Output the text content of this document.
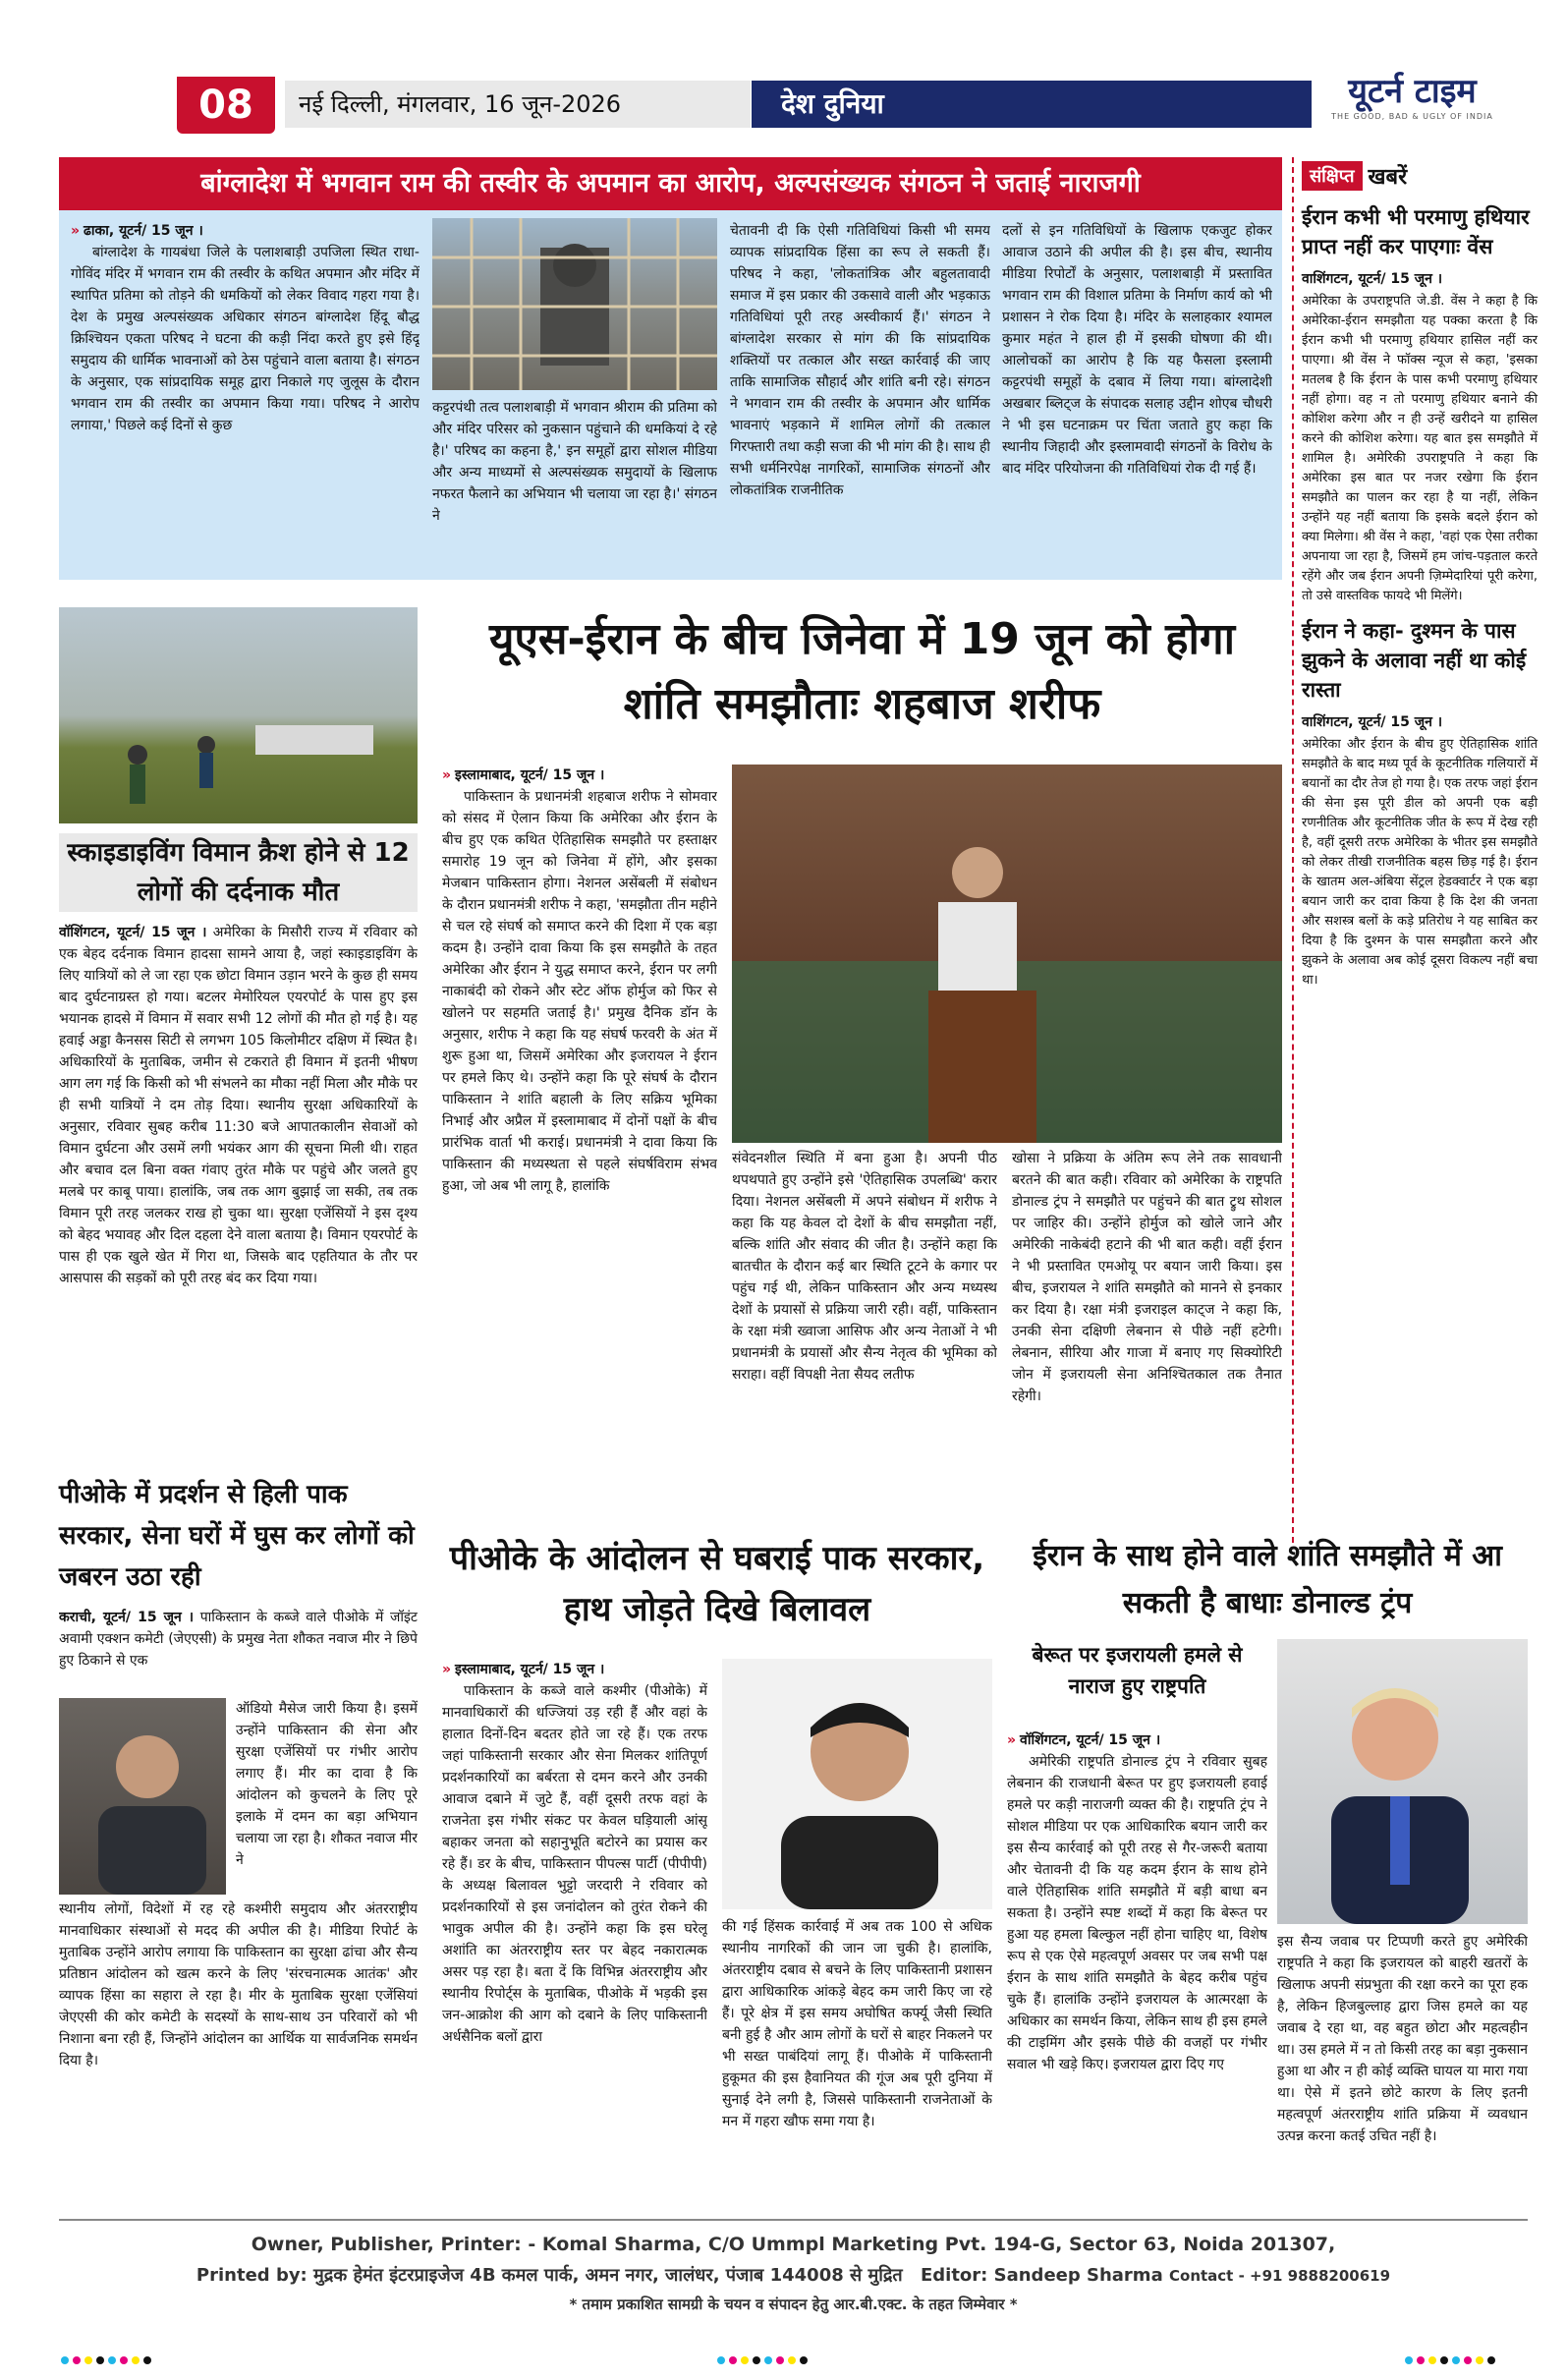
08	नई दिल्ली, मंगलवार, 16 जून-2026	देश दुनिया	यूटर्न टाइम
THE GOOD, BAD & UGLY OF INDIA
बांग्लादेश में भगवान राम की तस्वीर के अपमान का आरोप, अल्पसंख्यक संगठन ने जताई नाराजगी
» ढाका, यूटर्न/ 15 जून ।

बांग्लादेश के गायबंधा जिले के पलाशबाड़ी उपजिला स्थित राधा-गोविंद मंदिर में भगवान राम की तस्वीर के कथित अपमान और मंदिर में स्थापित प्रतिमा को तोड़ने की धमकियों को लेकर विवाद गहरा गया है। देश के प्रमुख अल्पसंख्यक अधिकार संगठन बांग्लादेश हिंदू बौद्ध क्रिश्चियन एकता परिषद ने घटना की कड़ी निंदा करते हुए इसे हिंदू समुदाय की धार्मिक भावनाओं को ठेस पहुंचाने वाला बताया है। संगठन के अनुसार, एक सांप्रदायिक समूह द्वारा निकाले गए जुलूस के दौरान भगवान राम की तस्वीर का अपमान किया गया। परिषद ने आरोप लगाया,' पिछले कई दिनों से कुछ

कट्टरपंथी तत्व पलाशबाड़ी में भगवान श्रीराम की प्रतिमा को और मंदिर परिसर को नुकसान पहुंचाने की धमकियां दे रहे है।' परिषद का कहना है,' इन समूहों द्वारा सोशल मीडिया और अन्य माध्यमों से अल्पसंख्यक समुदायों के खिलाफ नफरत फैलाने का अभियान भी चलाया जा रहा है।' संगठन ने

चेतावनी दी कि ऐसी गतिविधियां किसी भी समय व्यापक सांप्रदायिक हिंसा का रूप ले सकती हैं। परिषद ने कहा, 'लोकतांत्रिक और बहुलतावादी समाज में इस प्रकार की उकसावे वाली और भड़काऊ गतिविधियां पूरी तरह अस्वीकार्य हैं।' संगठन ने बांग्लादेश सरकार से मांग की कि सांप्रदायिक शक्तियों पर तत्काल और सख्त कार्रवाई की जाए ताकि सामाजिक सौहार्द और शांति बनी रहे। संगठन ने भगवान राम की तस्वीर के अपमान और धार्मिक भावनाएं भड़काने में शामिल लोगों की तत्काल गिरफ्तारी तथा कड़ी सजा की भी मांग की है। साथ ही सभी धर्मनिरपेक्ष नागरिकों, सामाजिक संगठनों और लोकतांत्रिक राजनीतिक

दलों से इन गतिविधियों के खिलाफ एकजुट होकर आवाज उठाने की अपील की है। इस बीच, स्थानीय मीडिया रिपोर्टों के अनुसार, पलाशबाड़ी में प्रस्तावित भगवान राम की विशाल प्रतिमा के निर्माण कार्य को भी प्रशासन ने रोक दिया है। मंदिर के सलाहकार श्यामल कुमार महंत ने हाल ही में इसकी घोषणा की थी। आलोचकों का आरोप है कि यह फैसला इस्लामी कट्टरपंथी समूहों के दबाव में लिया गया। बांग्लादेशी अखबार ब्लिट्ज के संपादक सलाह उद्दीन शोएब चौधरी ने भी इस घटनाक्रम पर चिंता जताते हुए कहा कि स्थानीय जिहादी और इस्लामवादी संगठनों के विरोध के बाद मंदिर परियोजना की गतिविधियां रोक दी गई हैं।

संक्षिप्त खबरें
ईरान कभी भी परमाणु हथियार प्राप्त नहीं कर पाएगाः वेंस
वाशिंगटन, यूटर्न/ 15 जून ।
अमेरिका के उपराष्ट्रपति जे.डी. वेंस ने कहा है कि अमेरिका-ईरान समझौता यह पक्का करता है कि ईरान कभी भी परमाणु हथियार हासिल नहीं कर पाएगा। श्री वेंस ने फॉक्स न्यूज से कहा, 'इसका मतलब है कि ईरान के पास कभी परमाणु हथियार नहीं होगा। वह न तो परमाणु हथियार बनाने की कोशिश करेगा और न ही उन्हें खरीदने या हासिल करने की कोशिश करेगा। यह बात इस समझौते में शामिल है। अमेरिकी उपराष्ट्रपति ने कहा कि अमेरिका इस बात पर नजर रखेगा कि ईरान समझौते का पालन कर रहा है या नहीं, लेकिन उन्होंने यह नहीं बताया कि इसके बदले ईरान को क्या मिलेगा। श्री वेंस ने कहा, 'वहां एक ऐसा तरीका अपनाया जा रहा है, जिसमें हम जांच-पड़ताल करते रहेंगे और जब ईरान अपनी ज़िम्मेदारियां पूरी करेगा, तो उसे वास्तविक फायदे भी मिलेंगे।
ईरान ने कहा- दुश्मन के पास झुकने के अलावा नहीं था कोई रास्ता
वाशिंगटन, यूटर्न/ 15 जून ।
अमेरिका और ईरान के बीच हुए ऐतिहासिक शांति समझौते के बाद मध्य पूर्व के कूटनीतिक गलियारों में बयानों का दौर तेज हो गया है। एक तरफ जहां ईरान की सेना इस पूरी डील को अपनी एक बड़ी रणनीतिक और कूटनीतिक जीत के रूप में देख रही है, वहीं दूसरी तरफ अमेरिका के भीतर इस समझौते को लेकर तीखी राजनीतिक बहस छिड़ गई है। ईरान के खातम अल-अंबिया सेंट्रल हेडक्वार्टर ने एक बड़ा बयान जारी कर दावा किया है कि देश की जनता और सशस्त्र बलों के कड़े प्रतिरोध ने यह साबित कर दिया है कि दुश्मन के पास समझौता करने और झुकने के अलावा अब कोई दूसरा विकल्प नहीं बचा था।
स्काइडाइविंग विमान क्रैश होने से 12 लोगों की दर्दनाक मौत
वॉशिंगटन, यूटर्न/ 15 जून । अमेरिका के मिसौरी राज्य में रविवार को एक बेहद दर्दनाक विमान हादसा सामने आया है, जहां स्काइडाइविंग के लिए यात्रियों को ले जा रहा एक छोटा विमान उड़ान भरने के कुछ ही समय बाद दुर्घटनाग्रस्त हो गया। बटलर मेमोरियल एयरपोर्ट के पास हुए इस भयानक हादसे में विमान में सवार सभी 12 लोगों की मौत हो गई है। यह हवाई अड्डा कैनसस सिटी से लगभग 105 किलोमीटर दक्षिण में स्थित है। अधिकारियों के मुताबिक, जमीन से टकराते ही विमान में इतनी भीषण आग लग गई कि किसी को भी संभलने का मौका नहीं मिला और मौके पर ही सभी यात्रियों ने दम तोड़ दिया। स्थानीय सुरक्षा अधिकारियों के अनुसार, रविवार सुबह करीब 11:30 बजे आपातकालीन सेवाओं को विमान दुर्घटना और उसमें लगी भयंकर आग की सूचना मिली थी। राहत और बचाव दल बिना वक्त गंवाए तुरंत मौके पर पहुंचे और जलते हुए मलबे पर काबू पाया। हालांकि, जब तक आग बुझाई जा सकी, तब तक विमान पूरी तरह जलकर राख हो चुका था। सुरक्षा एजेंसियों ने इस दृश्य को बेहद भयावह और दिल दहला देने वाला बताया है। विमान एयरपोर्ट के पास ही एक खुले खेत में गिरा था, जिसके बाद एहतियात के तौर पर आसपास की सड़कों को पूरी तरह बंद कर दिया गया।
पीओके में प्रदर्शन से हिली पाक सरकार, सेना घरों में घुस कर लोगों को जबरन उठा रही
कराची, यूटर्न/ 15 जून । पाकिस्तान के कब्जे वाले पीओके में जॉइंट अवामी एक्शन कमेटी (जेएएसी) के प्रमुख नेता शौकत नवाज मीर ने छिपे हुए ठिकाने से एक
ऑडियो मैसेज जारी किया है। इसमें उन्होंने पाकिस्तान की सेना और सुरक्षा एजेंसियों पर गंभीर आरोप लगाए हैं। मीर का दावा है कि आंदोलन को कुचलने के लिए पूरे इलाके में दमन का बड़ा अभियान चलाया जा रहा है। शौकत नवाज मीर ने
स्थानीय लोगों, विदेशों में रह रहे कश्मीरी समुदाय और अंतरराष्ट्रीय मानवाधिकार संस्थाओं से मदद की अपील की है। मीडिया रिपोर्ट के मुताबिक उन्होंने आरोप लगाया कि पाकिस्तान का सुरक्षा ढांचा और सैन्य प्रतिष्ठान आंदोलन को खत्म करने के लिए 'संरचनात्मक आतंक' और व्यापक हिंसा का सहारा ले रहा है। मीर के मुताबिक सुरक्षा एजेंसियां जेएएसी की कोर कमेटी के सदस्यों के साथ-साथ उन परिवारों को भी निशाना बना रही हैं, जिन्होंने आंदोलन का आर्थिक या सार्वजनिक समर्थन दिया है।
यूएस-ईरान के बीच जिनेवा में 19 जून को होगा शांति समझौताः शहबाज शरीफ
» इस्लामाबाद, यूटर्न/ 15 जून ।

पाकिस्तान के प्रधानमंत्री शहबाज शरीफ ने सोमवार को संसद में ऐलान किया कि अमेरिका और ईरान के बीच हुए एक कथित ऐतिहासिक समझौते पर हस्ताक्षर समारोह 19 जून को जिनेवा में होंगे, और इसका मेजबान पाकिस्तान होगा। नेशनल असेंबली में संबोधन के दौरान प्रधानमंत्री शरीफ ने कहा, 'समझौता तीन महीने से चल रहे संघर्ष को समाप्त करने की दिशा में एक बड़ा कदम है। उन्होंने दावा किया कि इस समझौते के तहत अमेरिका और ईरान ने युद्ध समाप्त करने, ईरान पर लगी नाकाबंदी को रोकने और स्टेट ऑफ होर्मुज को फिर से खोलने पर सहमति जताई है।' प्रमुख दैनिक डॉन के अनुसार, शरीफ ने कहा कि यह संघर्ष फरवरी के अंत में शुरू हुआ था, जिसमें अमेरिका और इजरायल ने ईरान पर हमले किए थे। उन्होंने कहा कि पूरे संघर्ष के दौरान पाकिस्तान ने शांति बहाली के लिए सक्रिय भूमिका निभाई और अप्रैल में इस्लामाबाद में दोनों पक्षों के बीच प्रारंभिक वार्ता भी कराई। प्रधानमंत्री ने दावा किया कि पाकिस्तान की मध्यस्थता से पहले संघर्षविराम संभव हुआ, जो अब भी लागू है, हालांकि

संवेदनशील स्थिति में बना हुआ है। अपनी पीठ थपथपाते हुए उन्होंने इसे 'ऐतिहासिक उपलब्धि' करार दिया। नेशनल असेंबली में अपने संबोधन में शरीफ ने कहा कि यह केवल दो देशों के बीच समझौता नहीं, बल्कि शांति और संवाद की जीत है। उन्होंने कहा कि बातचीत के दौरान कई बार स्थिति टूटने के कगार पर पहुंच गई थी, लेकिन पाकिस्तान और अन्य मध्यस्थ देशों के प्रयासों से प्रक्रिया जारी रही। वहीं, पाकिस्तान के रक्षा मंत्री ख्वाजा आसिफ और अन्य नेताओं ने भी प्रधानमंत्री के प्रयासों और सैन्य नेतृत्व की भूमिका को सराहा। वहीं विपक्षी नेता सैयद लतीफ

खोसा ने प्रक्रिया के अंतिम रूप लेने तक सावधानी बरतने की बात कही। रविवार को अमेरिका के राष्ट्रपति डोनाल्ड ट्रंप ने समझौते पर पहुंचने की बात ट्रुथ सोशल पर जाहिर की। उन्होंने होर्मुज को खोले जाने और अमेरिकी नाकेबंदी हटाने की भी बात कही। वहीं ईरान ने भी प्रस्तावित एमओयू पर बयान जारी किया। इस बीच, इजरायल ने शांति समझौते को मानने से इनकार कर दिया है। रक्षा मंत्री इजराइल काट्ज ने कहा कि, उनकी सेना दक्षिणी लेबनान से पीछे नहीं हटेगी। लेबनान, सीरिया और गाजा में बनाए गए सिक्योरिटी जोन में इजरायली सेना अनिश्चितकाल तक तैनात रहेगी।

पीओके के आंदोलन से घबराई पाक सरकार, हाथ जोड़ते दिखे बिलावल
» इस्लामाबाद, यूटर्न/ 15 जून ।

पाकिस्तान के कब्जे वाले कश्मीर (पीओके) में मानवाधिकारों की धज्जियां उड़ रही हैं और वहां के हालात दिनों-दिन बदतर होते जा रहे हैं। एक तरफ जहां पाकिस्तानी सरकार और सेना मिलकर शांतिपूर्ण प्रदर्शनकारियों का बर्बरता से दमन करने और उनकी आवाज दबाने में जुटे हैं, वहीं दूसरी तरफ वहां के राजनेता इस गंभीर संकट पर केवल घड़ियाली आंसू बहाकर जनता को सहानुभूति बटोरने का प्रयास कर रहे हैं। डर के बीच, पाकिस्तान पीपल्स पार्टी (पीपीपी) के अध्यक्ष बिलावल भुट्टो जरदारी ने रविवार को प्रदर्शनकारियों से इस जनांदोलन को तुरंत रोकने की भावुक अपील की है। उन्होंने कहा कि इस घरेलू अशांति का अंतरराष्ट्रीय स्तर पर बेहद नकारात्मक असर पड़ रहा है। बता दें कि विभिन्न अंतरराष्ट्रीय और स्थानीय रिपोर्ट्स के मुताबिक, पीओके में भड़की इस जन-आक्रोश की आग को दबाने के लिए पाकिस्तानी अर्धसैनिक बलों द्वारा

की गई हिंसक कार्रवाई में अब तक 100 से अधिक स्थानीय नागरिकों की जान जा चुकी है। हालांकि, अंतरराष्ट्रीय दबाव से बचने के लिए पाकिस्तानी प्रशासन द्वारा आधिकारिक आंकड़े बेहद कम जारी किए जा रहे हैं। पूरे क्षेत्र में इस समय अघोषित कर्फ्यू जैसी स्थिति बनी हुई है और आम लोगों के घरों से बाहर निकलने पर भी सख्त पाबंदियां लागू हैं। पीओके में पाकिस्तानी हुकूमत की इस हैवानियत की गूंज अब पूरी दुनिया में सुनाई देने लगी है, जिससे पाकिस्तानी राजनेताओं के मन में गहरा खौफ समा गया है।

ईरान के साथ होने वाले शांति समझौते में आ सकती है बाधाः डोनाल्ड ट्रंप
बेरूत पर इजरायली हमले से नाराज हुए राष्ट्रपति
» वॉशिंगटन, यूटर्न/ 15 जून ।

अमेरिकी राष्ट्रपति डोनाल्ड ट्रंप ने रविवार सुबह लेबनान की राजधानी बेरूत पर हुए इजरायली हवाई हमले पर कड़ी नाराजगी व्यक्त की है। राष्ट्रपति ट्रंप ने सोशल मीडिया पर एक आधिकारिक बयान जारी कर इस सैन्य कार्रवाई को पूरी तरह से गैर-जरूरी बताया और चेतावनी दी कि यह कदम ईरान के साथ होने वाले ऐतिहासिक शांति समझौते में बड़ी बाधा बन सकता है। उन्होंने स्पष्ट शब्दों में कहा कि बेरूत पर हुआ यह हमला बिल्कुल नहीं होना चाहिए था, विशेष रूप से एक ऐसे महत्वपूर्ण अवसर पर जब सभी पक्ष ईरान के साथ शांति समझौते के बेहद करीब पहुंच चुके हैं। हालांकि उन्होंने इजरायल के आत्मरक्षा के अधिकार का समर्थन किया, लेकिन साथ ही इस हमले की टाइमिंग और इसके पीछे की वजहों पर गंभीर सवाल भी खड़े किए। इजरायल द्वारा दिए गए

इस सैन्य जवाब पर टिप्पणी करते हुए अमेरिकी राष्ट्रपति ने कहा कि इजरायल को बाहरी खतरों के खिलाफ अपनी संप्रभुता की रक्षा करने का पूरा हक है, लेकिन हिजबुल्लाह द्वारा जिस हमले का यह जवाब दे रहा था, वह बहुत छोटा और महत्वहीन था। उस हमले में न तो किसी तरह का बड़ा नुकसान हुआ था और न ही कोई व्यक्ति घायल या मारा गया था। ऐसे में इतने छोटे कारण के लिए इतनी महत्वपूर्ण अंतरराष्ट्रीय शांति प्रक्रिया में व्यवधान उत्पन्न करना कतई उचित नहीं है।

Owner, Publisher, Printer: - Komal Sharma, C/O Ummpl Marketing Pvt. 194-G, Sector 63, Noida 201307,
Printed by: मुद्रक हेमंत इंटरप्राइजेज 4B कमल पार्क, अमन नगर, जालंधर, पंजाब 144008 से मुद्रित Editor: Sandeep Sharma Contact - +91 9888200619
* तमाम प्रकाशित सामग्री के चयन व संपादन हेतु आर.बी.एक्ट. के तहत जिम्मेवार *
